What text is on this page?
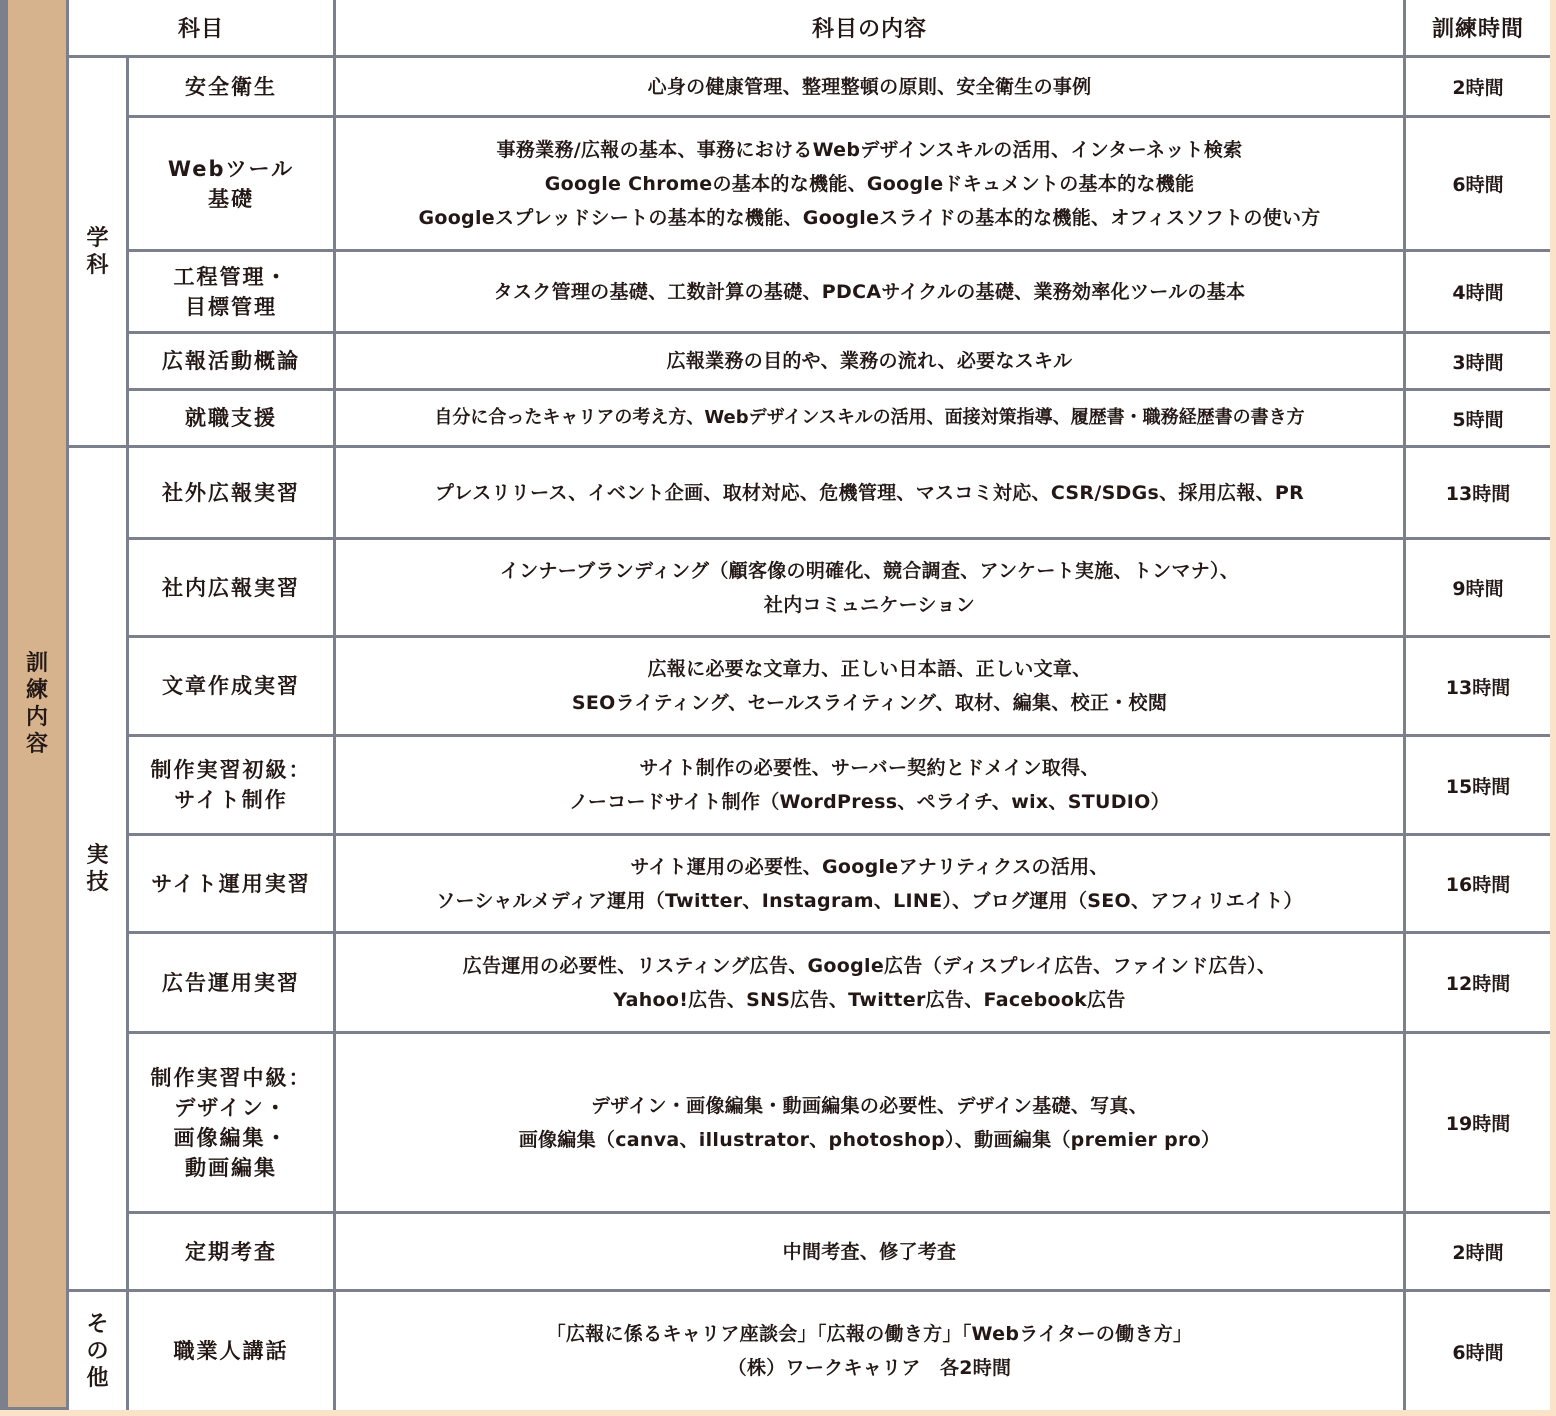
訓練内容	科目		科目の内容	訓練時間

	学科	安全衛生	心身の健康管理、整理整頓の原則、安全衛生の事例	2時間

		Webツール
基礎	事務業務/広報の基本、事務におけるWebデザインスキルの活用、インターネット検索
Google Chromeの基本的な機能、Googleドキュメントの基本的な機能
Googleスプレッドシートの基本的な機能、Googleスライドの基本的な機能、オフィスソフトの使い方	6時間

		工程管理・
目標管理	タスク管理の基礎、工数計算の基礎、PDCAサイクルの基礎、業務効率化ツールの基本	4時間

		広報活動概論	広報業務の目的や、業務の流れ、必要なスキル	3時間

		就職支援	自分に合ったキャリアの考え方、Webデザインスキルの活用、面接対策指導、履歴書・職務経歴書の書き方	5時間

	実技	社外広報実習	プレスリリース、イベント企画、取材対応、危機管理、マスコミ対応、CSR/SDGs、採用広報、PR	13時間

		社内広報実習	インナーブランディング（顧客像の明確化、競合調査、アンケート実施、トンマナ）、
社内コミュニケーション	9時間

		文章作成実習	広報に必要な文章力、正しい日本語、正しい文章、
SEOライティング、セールスライティング、取材、編集、校正・校閲	13時間

		制作実習初級：
サイト制作	サイト制作の必要性、サーバー契約とドメイン取得、
ノーコードサイト制作（WordPress、ペライチ、wix、STUDIO）	15時間

		サイト運用実習	サイト運用の必要性、Googleアナリティクスの活用、
ソーシャルメディア運用（Twitter、Instagram、LINE）、ブログ運用（SEO、アフィリエイト）	16時間

		広告運用実習	広告運用の必要性、リスティング広告、Google広告（ディスプレイ広告、ファインド広告）、
Yahoo!広告、SNS広告、Twitter広告、Facebook広告	12時間

		制作実習中級：
デザイン・
画像編集・
動画編集	デザイン・画像編集・動画編集の必要性、デザイン基礎、写真、
画像編集（canva、illustrator、photoshop）、動画編集（premier pro）	19時間

		定期考査	中間考査、修了考査	2時間

	その他	職業人講話	「広報に係るキャリア座談会」「広報の働き方」「Webライターの働き方」
（株）ワークキャリア　各2時間	6時間
